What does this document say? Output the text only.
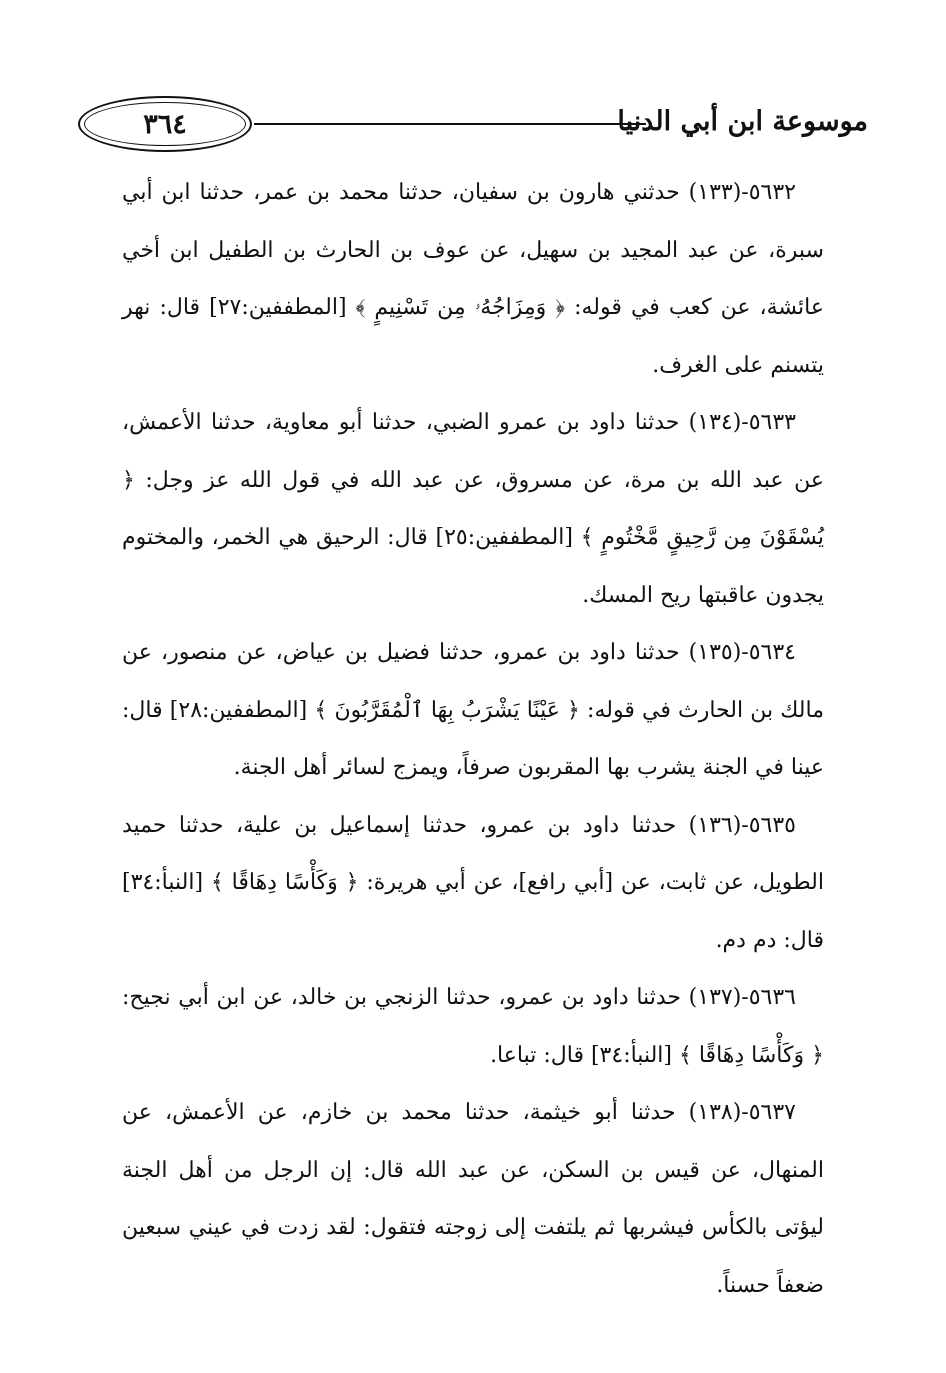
موسوعة ابن أبي الدنيا
٣٦٤

٥٦٣٢-(١٣٣) حدثني هارون بن سفيان، حدثنا محمد بن عمر، حدثنا ابن أبي سبرة، عن عبد المجيد بن سهيل، عن عوف بن الحارث بن الطفيل ابن أخي عائشة، عن كعب في قوله: ﴿ وَمِزَاجُهُۥ مِن تَسْنِيمٍ ﴾ [المطففين:٢٧] قال: نهر يتسنم على الغرف.

٥٦٣٣-(١٣٤) حدثنا داود بن عمرو الضبي، حدثنا أبو معاوية، حدثنا الأعمش، عن عبد الله بن مرة، عن مسروق، عن عبد الله في قول الله عز وجل: ﴿ يُسْقَوْنَ مِن رَّحِيقٍ مَّخْتُومٍ ﴾ [المطففين:٢٥] قال: الرحيق هي الخمر، والمختوم يجدون عاقبتها ريح المسك.

٥٦٣٤-(١٣٥) حدثنا داود بن عمرو، حدثنا فضيل بن عياض، عن منصور، عن مالك بن الحارث في قوله: ﴿ عَيْنًا يَشْرَبُ بِهَا ٱلْمُقَرَّبُونَ ﴾ [المطففين:٢٨] قال: عينا في الجنة يشرب بها المقربون صرفاً، ويمزج لسائر أهل الجنة.

٥٦٣٥-(١٣٦) حدثنا داود بن عمرو، حدثنا إسماعيل بن علية، حدثنا حميد الطويل، عن ثابت، عن [أبي رافع]، عن أبي هريرة: ﴿ وَكَأْسًا دِهَاقًا ﴾ [النبأ:٣٤] قال: دم دم.

٥٦٣٦-(١٣٧) حدثنا داود بن عمرو، حدثنا الزنجي بن خالد، عن ابن أبي نجيح: ﴿ وَكَأْسًا دِهَاقًا ﴾ [النبأ:٣٤] قال: تباعا.

٥٦٣٧-(١٣٨) حدثنا أبو خيثمة، حدثنا محمد بن خازم، عن الأعمش، عن المنهال، عن قيس بن السكن، عن عبد الله قال: إن الرجل من أهل الجنة ليؤتى بالكأس فيشربها ثم يلتفت إلى زوجته فتقول: لقد زدت في عيني سبعين ضعفاً حسناً.
